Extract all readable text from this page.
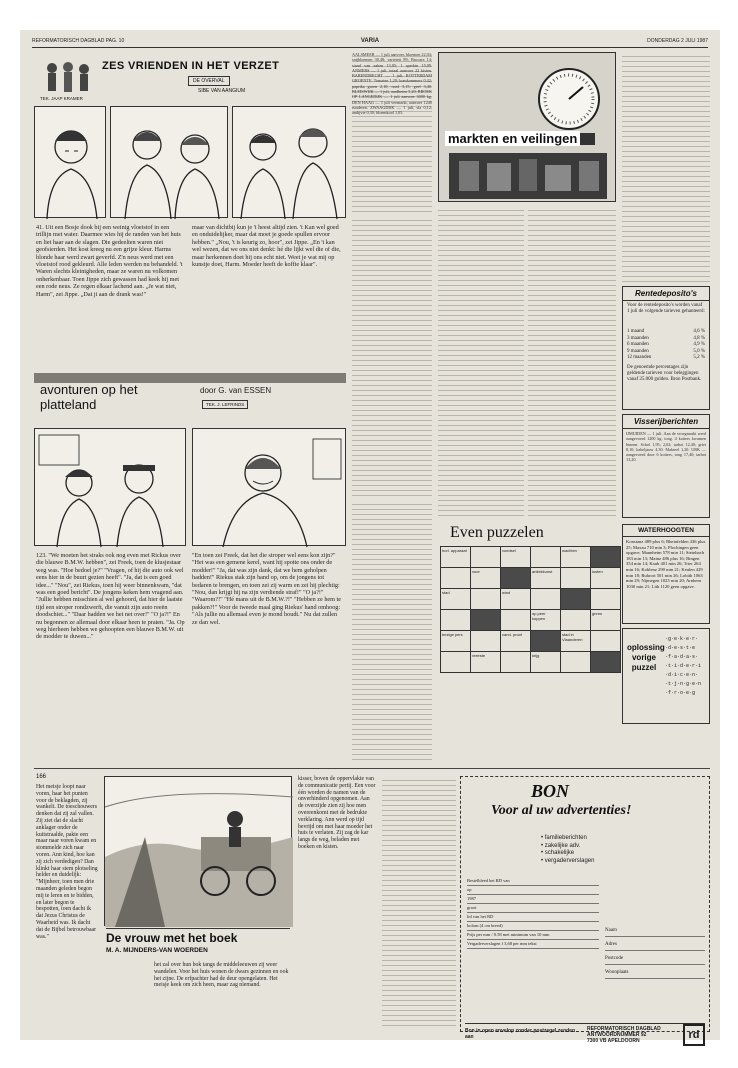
REFORMATORISCH DAGBLAD PAG. 10	VARIA	DONDERDAG 2 JULI 1987
ZES VRIENDEN IN HET VERZET
DE OVERVAL
SIBE VAN AANGIUM
TEK. JAAP KRAMER
41. Uit een Bosje dook bij een weinig vloeistof in een trillijn met water. Daarmee wies hij de randen van het huis en liet haar aan de slagen. Die gedeelten waren niet geofsierden. Het kost kreeg nu een grijze kleur. Harms blonde haar werd zwart geverfd. Z'n neus werd met een vloeistof rood gekleurd. Alle leden werden nu behandeld. 't Waren slechts kleinigheden, maar ze waren nu volkomen onherkenbaar. Toen Jippe zich gewassen had keek hij met een rode neus. Ze regen elkaar lachend aan. „Je wat niet, Harm", zei Jippe. „Dat ji aan de drank was!"
maar van dichtbij kun je 't heest altijd zien. 't Kan wel goed en onduidelijker, maar dat moet je goede spullen ervoor hebben." „Nou, 't is keurig zo, hoor", zei Jippe. „En 't kan wel wezen, dat we ons niet denkt: hé die lijkt wel die of die, maar herkennen doet hij ons echt niet. Weet je wat mij op kunstje doet, Harm. Moeder heeft de koffie klaar".
avonturen op het platteland
door G. van ESSEN
TEK. J. LEFRINDS
123. "We moeten het straks ook nog even met Rickus over die blauwe B.M.W. hebben", zei Freek, toen de klusjestaar weg was. "Hoe bedoel je?" "Vragen, of hij die auto ook wel eens hier in de buurt gezien heeft". "Ja, dat is een goed idee..." "Nou", zei Riekus, toen hij weer binnenkwam, "dat was een goed bericht". De jongens keken hem vragend aan. "Jullie hebben misschien al wel gehoord, dat hier de laatste tijd een stroper rondzwerft, die vanuit zijn auto reeën doodschiet..." "Daar hadden we het net over!" "O ja?!" En nu begonnen ze allemaal door elkaar heen te praten. "Ja. Op weg hierheen hebben we gehoopten een blauwe B.M.W. uit de modder te duwen..."
"En toen zei Freek, dat het die stroper wel eens kon zijn?" "Het was een gemene kerel, want hij spotte ons onder de modder!" "Ja, dat was zijn dank, dat we hem geholpen hadden!" Riekus stak zijn hand op, om de jongens tot bedaren te brengen, en toen zei zij warm en zei hij plechtig: "Nou, dan krijgt hij na zijn verdiende straf!" "O ja?!" "Waarom?!" "Hé mans uit de B.M.W.?!" "Hebben ze hem te pakken?!" Voor de tweede maal ging Riekus' hand omhoog: "Als jullie nu allemaal even je mond houdt." Nu dat zullen ze dan wel.
AALSMEER — 1 juli aanvoer, bloemen 22,04; snijbloemen 30,48; varieteit 89; Baccara 14; stand van zaken 13,05; 1 sperkin 15,09. ANMERS — 1 juli, totaal aanvoer 22 kisten. BARENDRECHT — 1 juli, ROTTERDAM GROENTE. Tomaten 1,20; komkommers 0,42; paprika groen 2,10; rood 3,15; geel 3,40. BLEISWIJK — 1 juli, aardbeien 5,20; BROEK OP LANGEDIJK — 1 juli aanvoer 3000 kg. DEN HAAG — 1 juli veemarkt, aanvoer 1240 runderen. ZWAAGDIJK — 1 juli, sla 0,12; andijvie 0,30; bloemkool 1,05.
markten en veilingen
Rentedeposito's
Voor de rentedeposito's worden vanaf 1 juli de volgende tarieven gehanteerd:
1 maand	4,6 %
3 maanden	4,8 %
6 maanden	4,9 %
9 maanden	5,0 %
12 maanden	5,2 %
De genoemde percentages zijn geldende tarieven voor beleggingen vanaf 25.000 gulden. Bron Postbank.
Visserijberichten
IJMUIDEN — 1 juli. Aan de vroegmarkt werd aangevoerd 1200 kg. tong. 4 kotters kwamen binnen. Schol 1,95; 2,02; tarbot 12,40; griet 8,10; kabeljauw 4,30. Makreel 1,20. URK — aangevoerd door 6 kotters, tong 17,40; tarbot 13,20.
Even puzzelen
horl. apparaat		voedsel		wachten	
	voor		antiekkunst		lusten
stad		wind			
			op peer koppen		grens
bezige pers		cand. proof		stad in Vlaanderen	
	vreeste		krijg		
oplossing vorige puzzel
·g·e·k·e·r·
·d·e·s·t·e
·f·a·d·a·s·
·t·i·d·e·r·i
·d·i·c·e·n·
·t·j·n·g·e·n
·f·r·o·e·g
WATERHOOGTEN
Konstanz 489 plus 6; Rheinfelden 436 plus 25; Maxau 710 min 3; Plochingen geen opgave; Mannheim 578 min 11; Steinbach 183 min 13; Mainz 486 plus 16; Bingen 354 min 14; Kaub 401 min 26; Trier 264 min 16; Koblenz 290 min 21; Keulen 429 min 18; Ruhrort 501 min 26; Lobith 1063 min 29; Nijmegen 1025 min 20; Arnhem 1030 min 21; Lith 1120 geen opgave.
166
Het meisje loopt naar voren, haar het punten voor de beklagden, zij wankelt. De toeschouwers denken dat zij zal vallen. Zij ziet dat de slacht anklager onder de kuitstraalde, pakte een maar naar voren kwam en stommelde zich naar voren. Ann kind, hoe kan zij zich verdedigen? Dan klinkt haar stem plotseling helder en duidelijk: "Mijnheer, toen men drie maanden geleden begon mij te leren en te bidden, en later begon te bespotten, toen dacht ik dat Jezus Christus de Waarheid was. Ik dacht dat de Bijbel betrouwbaar was."	De vrouw met het boek
M. A. MIJNDERS-VAN WOERDEN
kisser, boven de oppervlakte van de communicatie pertij. Een voor één worden de namen van de onverhinderd opgenomen. Aan de overzijde zien zij hoe men overeenkomt met de bedrukte verklaring. Ann werd op tijd bevrijd om met haar moeder het huis te verlaten. Zij zag de kar langs de weg, beladen met boeken en kisten.
het zal over hun bok tangs de middeleeuwen zij weer wandelen. Voor het huis wonen de dwars gezinnen en ook het zijne. De erfpachter had de deur opengelaten. Het meisje keek om zich heen, maar zag niemand.
BON
Voor al uw advertenties!
• familieberichten
• zakelijke adv.
• schakelijke
• vergaderverslagen
Bestelbleed het RD van
op
1987
groot
lid van het RD
kolom (4 cm breed)
Prijs per mm / 0.58 met minimum van 10 mm
Vergaderverslagen f 3,68 per mm tekst
Naam
Adres
Postcode
Woonplaats
Bon in open envelop zonder postzegel zenden aan
REFORMATORISCH DAGBLAD
ANTWOORDNUMMER 92
7300 VB APELDOORN	rd
